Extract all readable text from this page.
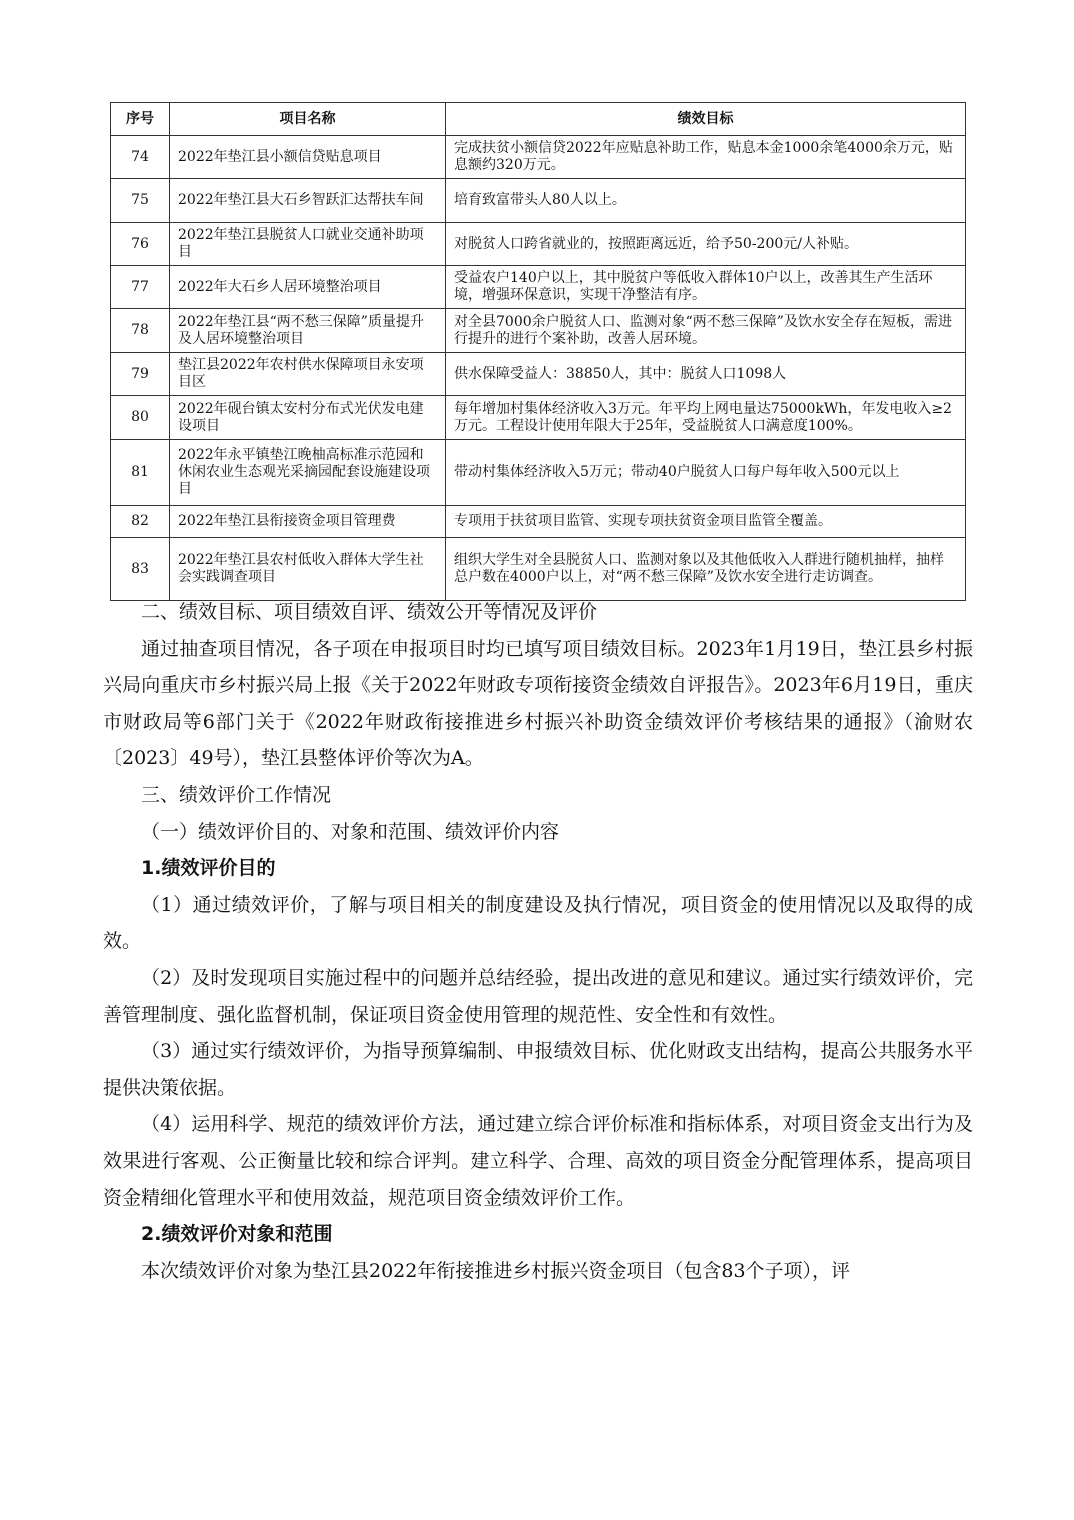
序号	项目名称	绩效目标
74	2022年垫江县小额信贷贴息项目	完成扶贫小额信贷2022年应贴息补助工作，贴息本金1000余笔4000余万元，贴息额约320万元。
75	2022年垫江县大石乡智跃汇达帮扶车间	培育致富带头人80人以上。
76	2022年垫江县脱贫人口就业交通补助项目	对脱贫人口跨省就业的，按照距离远近，给予50-200元/人补贴。
77	2022年大石乡人居环境整治项目	受益农户140户以上，其中脱贫户等低收入群体10户以上，改善其生产生活环境，增强环保意识，实现干净整洁有序。
78	2022年垫江县“两不愁三保障”质量提升及人居环境整治项目	对全县7000余户脱贫人口、监测对象“两不愁三保障”及饮水安全存在短板，需进行提升的进行个案补助，改善人居环境。
79	垫江县2022年农村供水保障项目永安项目区	供水保障受益人：38850人，其中：脱贫人口1098人
80	2022年砚台镇太安村分布式光伏发电建设项目	每年增加村集体经济收入3万元。年平均上网电量达75000kWh，年发电收入≥2万元。工程设计使用年限大于25年，受益脱贫人口满意度100%。
81	2022年永平镇垫江晚柚高标准示范园和休闲农业生态观光采摘园配套设施建设项目	带动村集体经济收入5万元；带动40户脱贫人口每户每年收入500元以上
82	2022年垫江县衔接资金项目管理费	专项用于扶贫项目监管、实现专项扶贫资金项目监管全覆盖。
83	2022年垫江县农村低收入群体大学生社会实践调查项目	组织大学生对全县脱贫人口、监测对象以及其他低收入人群进行随机抽样，抽样总户数在4000户以上，对“两不愁三保障”及饮水安全进行走访调查。

二、绩效目标、项目绩效自评、绩效公开等情况及评价

通过抽查项目情况，各子项在申报项目时均已填写项目绩效目标。2023年1月19日，垫江县乡村振兴局向重庆市乡村振兴局上报《关于2022年财政专项衔接资金绩效自评报告》。2023年6月19日，重庆市财政局等6部门关于《2022年财政衔接推进乡村振兴补助资金绩效评价考核结果的通报》（渝财农〔2023〕49号），垫江县整体评价等次为A。

三、绩效评价工作情况

（一）绩效评价目的、对象和范围、绩效评价内容

1.绩效评价目的

（1）通过绩效评价，了解与项目相关的制度建设及执行情况，项目资金的使用情况以及取得的成效。

（2）及时发现项目实施过程中的问题并总结经验，提出改进的意见和建议。通过实行绩效评价，完善管理制度、强化监督机制，保证项目资金使用管理的规范性、安全性和有效性。

（3）通过实行绩效评价，为指导预算编制、申报绩效目标、优化财政支出结构，提高公共服务水平提供决策依据。

（4）运用科学、规范的绩效评价方法，通过建立综合评价标准和指标体系，对项目资金支出行为及效果进行客观、公正衡量比较和综合评判。建立科学、合理、高效的项目资金分配管理体系，提高项目资金精细化管理水平和使用效益，规范项目资金绩效评价工作。

2.绩效评价对象和范围

本次绩效评价对象为垫江县2022年衔接推进乡村振兴资金项目（包含83个子项），评
